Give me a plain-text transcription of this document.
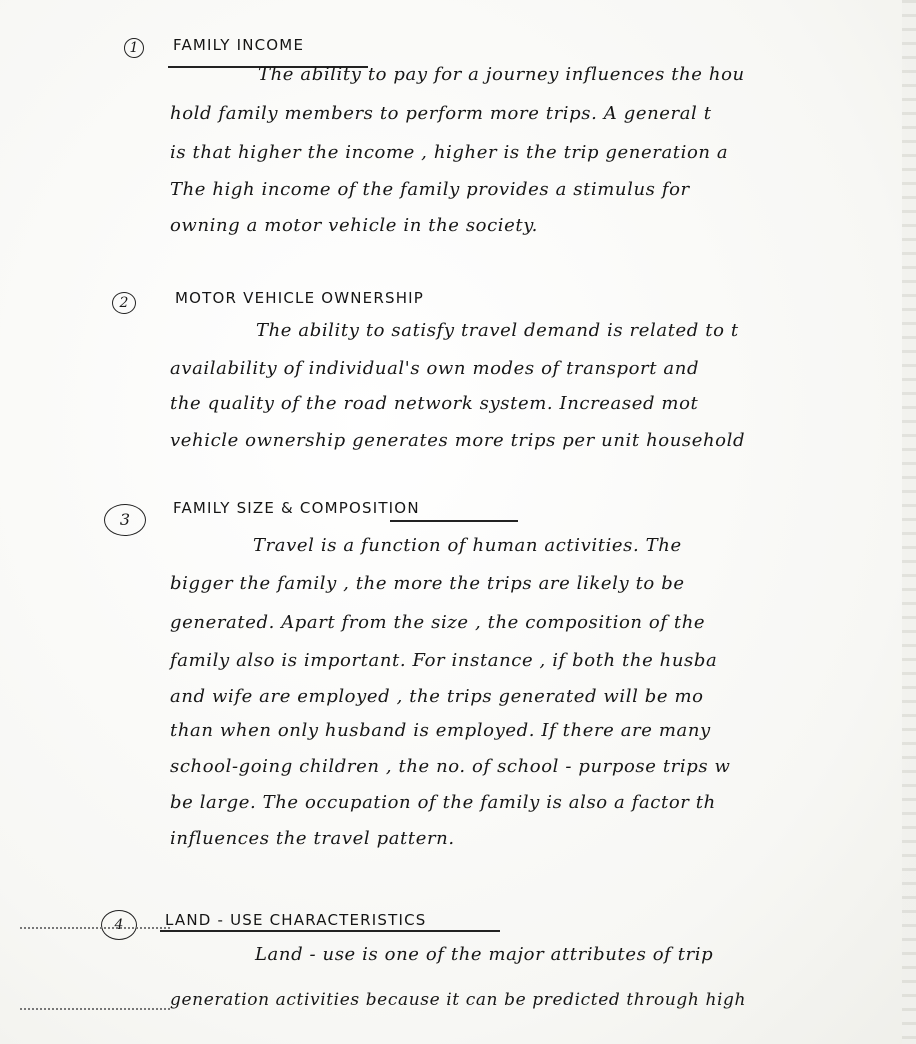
1	FAMILY INCOME
The ability to pay for a journey influences the hou
hold family members to perform more trips. A general t
is that higher the income , higher is the trip generation a
The high income of the family provides a stimulus for
owning a motor vehicle in the society.
2	MOTOR VEHICLE OWNERSHIP
The ability to satisfy travel demand is related to t
availability of individual's own modes of transport and
the quality of the road network system. Increased mot
vehicle ownership generates more trips per unit household
3
FAMILY SIZE & COMPOSITION
Travel is a function of human activities. The
bigger the family , the more the trips are likely to be
generated. Apart from the size , the composition of the
family also is important. For instance , if both the husba
and wife are employed , the trips generated will be mo
than when only husband is employed. If there are many
school-going children , the no. of school - purpose trips w
be large. The occupation of the family is also a factor th
influences the travel pattern.
4	LAND - USE CHARACTERISTICS
Land - use is one of the major attributes of trip
generation activities because it can be predicted through high
